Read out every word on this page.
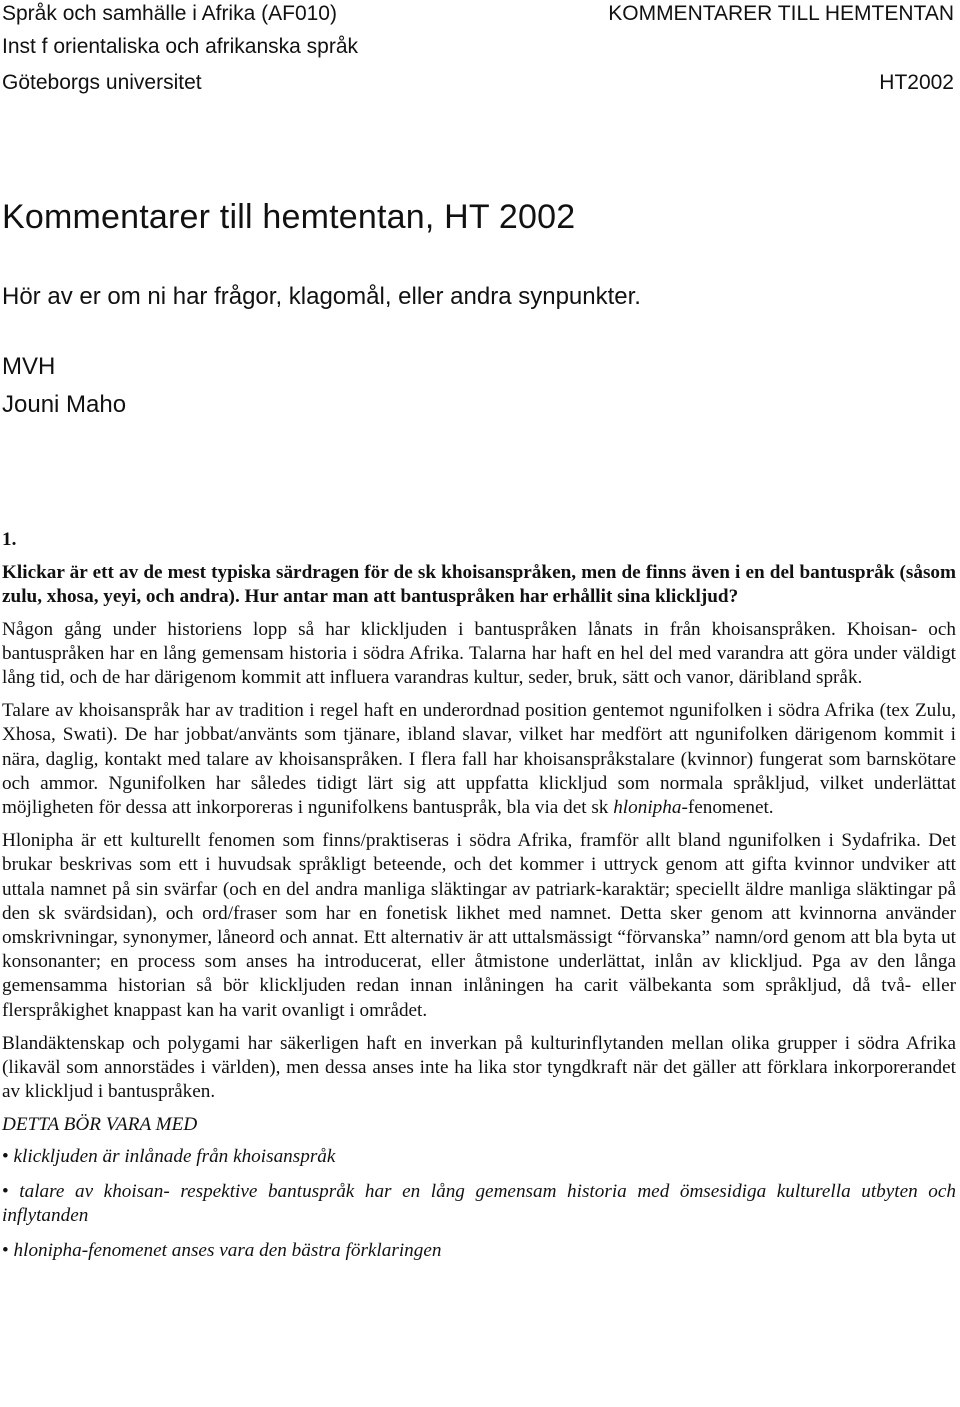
Språk och samhälle i Afrika (AF010)	KOMMENTARER TILL HEMTENTAN
Inst f orientaliska och afrikanska språk
Göteborgs universitet	HT2002
Kommentarer till hemtentan, HT 2002

Hör av er om ni har frågor, klagomål, eller andra synpunkter.

MVH

Jouni Maho

1.

Klickar är ett av de mest typiska särdragen för de sk khoisanspråken, men de finns även i en del bantuspråk (såsom zulu, xhosa, yeyi, och andra). Hur antar man att bantuspråken har erhållit sina klickljud?

Någon gång under historiens lopp så har klickljuden i bantuspråken lånats in från khoisanspråken. Khoisan- och bantuspråken har en lång gemensam historia i södra Afrika. Talarna har haft en hel del med varandra att göra under väldigt lång tid, och de har därigenom kommit att influera varandras kultur, seder, bruk, sätt och vanor, däribland språk.

Talare av khoisanspråk har av tradition i regel haft en underordnad position gentemot ngunifolken i södra Afrika (tex Zulu, Xhosa, Swati). De har jobbat/använts som tjänare, ibland slavar, vilket har medfört att ngunifolken därigenom kommit i nära, daglig, kontakt med talare av khoisanspråken. I flera fall har khoisanspråkstalare (kvinnor) fungerat som barnskötare och ammor. Ngunifolken har således tidigt lärt sig att uppfatta klickljud som normala språkljud, vilket underlättat möjligheten för dessa att inkorporeras i ngunifolkens bantuspråk, bla via det sk hlonipha-fenomenet.

Hlonipha är ett kulturellt fenomen som finns/praktiseras i södra Afrika, framför allt bland ngunifolken i Sydafrika. Det brukar beskrivas som ett i huvudsak språkligt beteende, och det kommer i uttryck genom att gifta kvinnor undviker att uttala namnet på sin svärfar (och en del andra manliga släktingar av patriark-karaktär; speciellt äldre manliga släktingar på den sk svärdsidan), och ord/fraser som har en fonetisk likhet med namnet. Detta sker genom att kvinnorna använder omskrivningar, synonymer, låneord och annat. Ett alternativ är att uttalsmässigt “förvanska” namn/ord genom att bla byta ut konsonanter; en process som anses ha introducerat, eller åtmistone underlättat, inlån av klickljud. Pga av den långa gemensamma historian så bör klickljuden redan innan inlåningen ha carit välbekanta som språkljud, då två- eller flerspråkighet knappast kan ha varit ovanligt i området.

Blandäktenskap och polygami har säkerligen haft en inverkan på kulturinflytanden mellan olika grupper i södra Afrika (likaväl som annorstädes i världen), men dessa anses inte ha lika stor tyngdkraft när det gäller att förklara inkorporerandet av klickljud i bantuspråken.

DETTA BÖR VARA MED

• klickljuden är inlånade från khoisanspråk
• talare av khoisan- respektive bantuspråk har en lång gemensam historia med ömsesidiga kulturella utbyten och inflytanden
• hlonipha-fenomenet anses vara den bästra förklaringen
